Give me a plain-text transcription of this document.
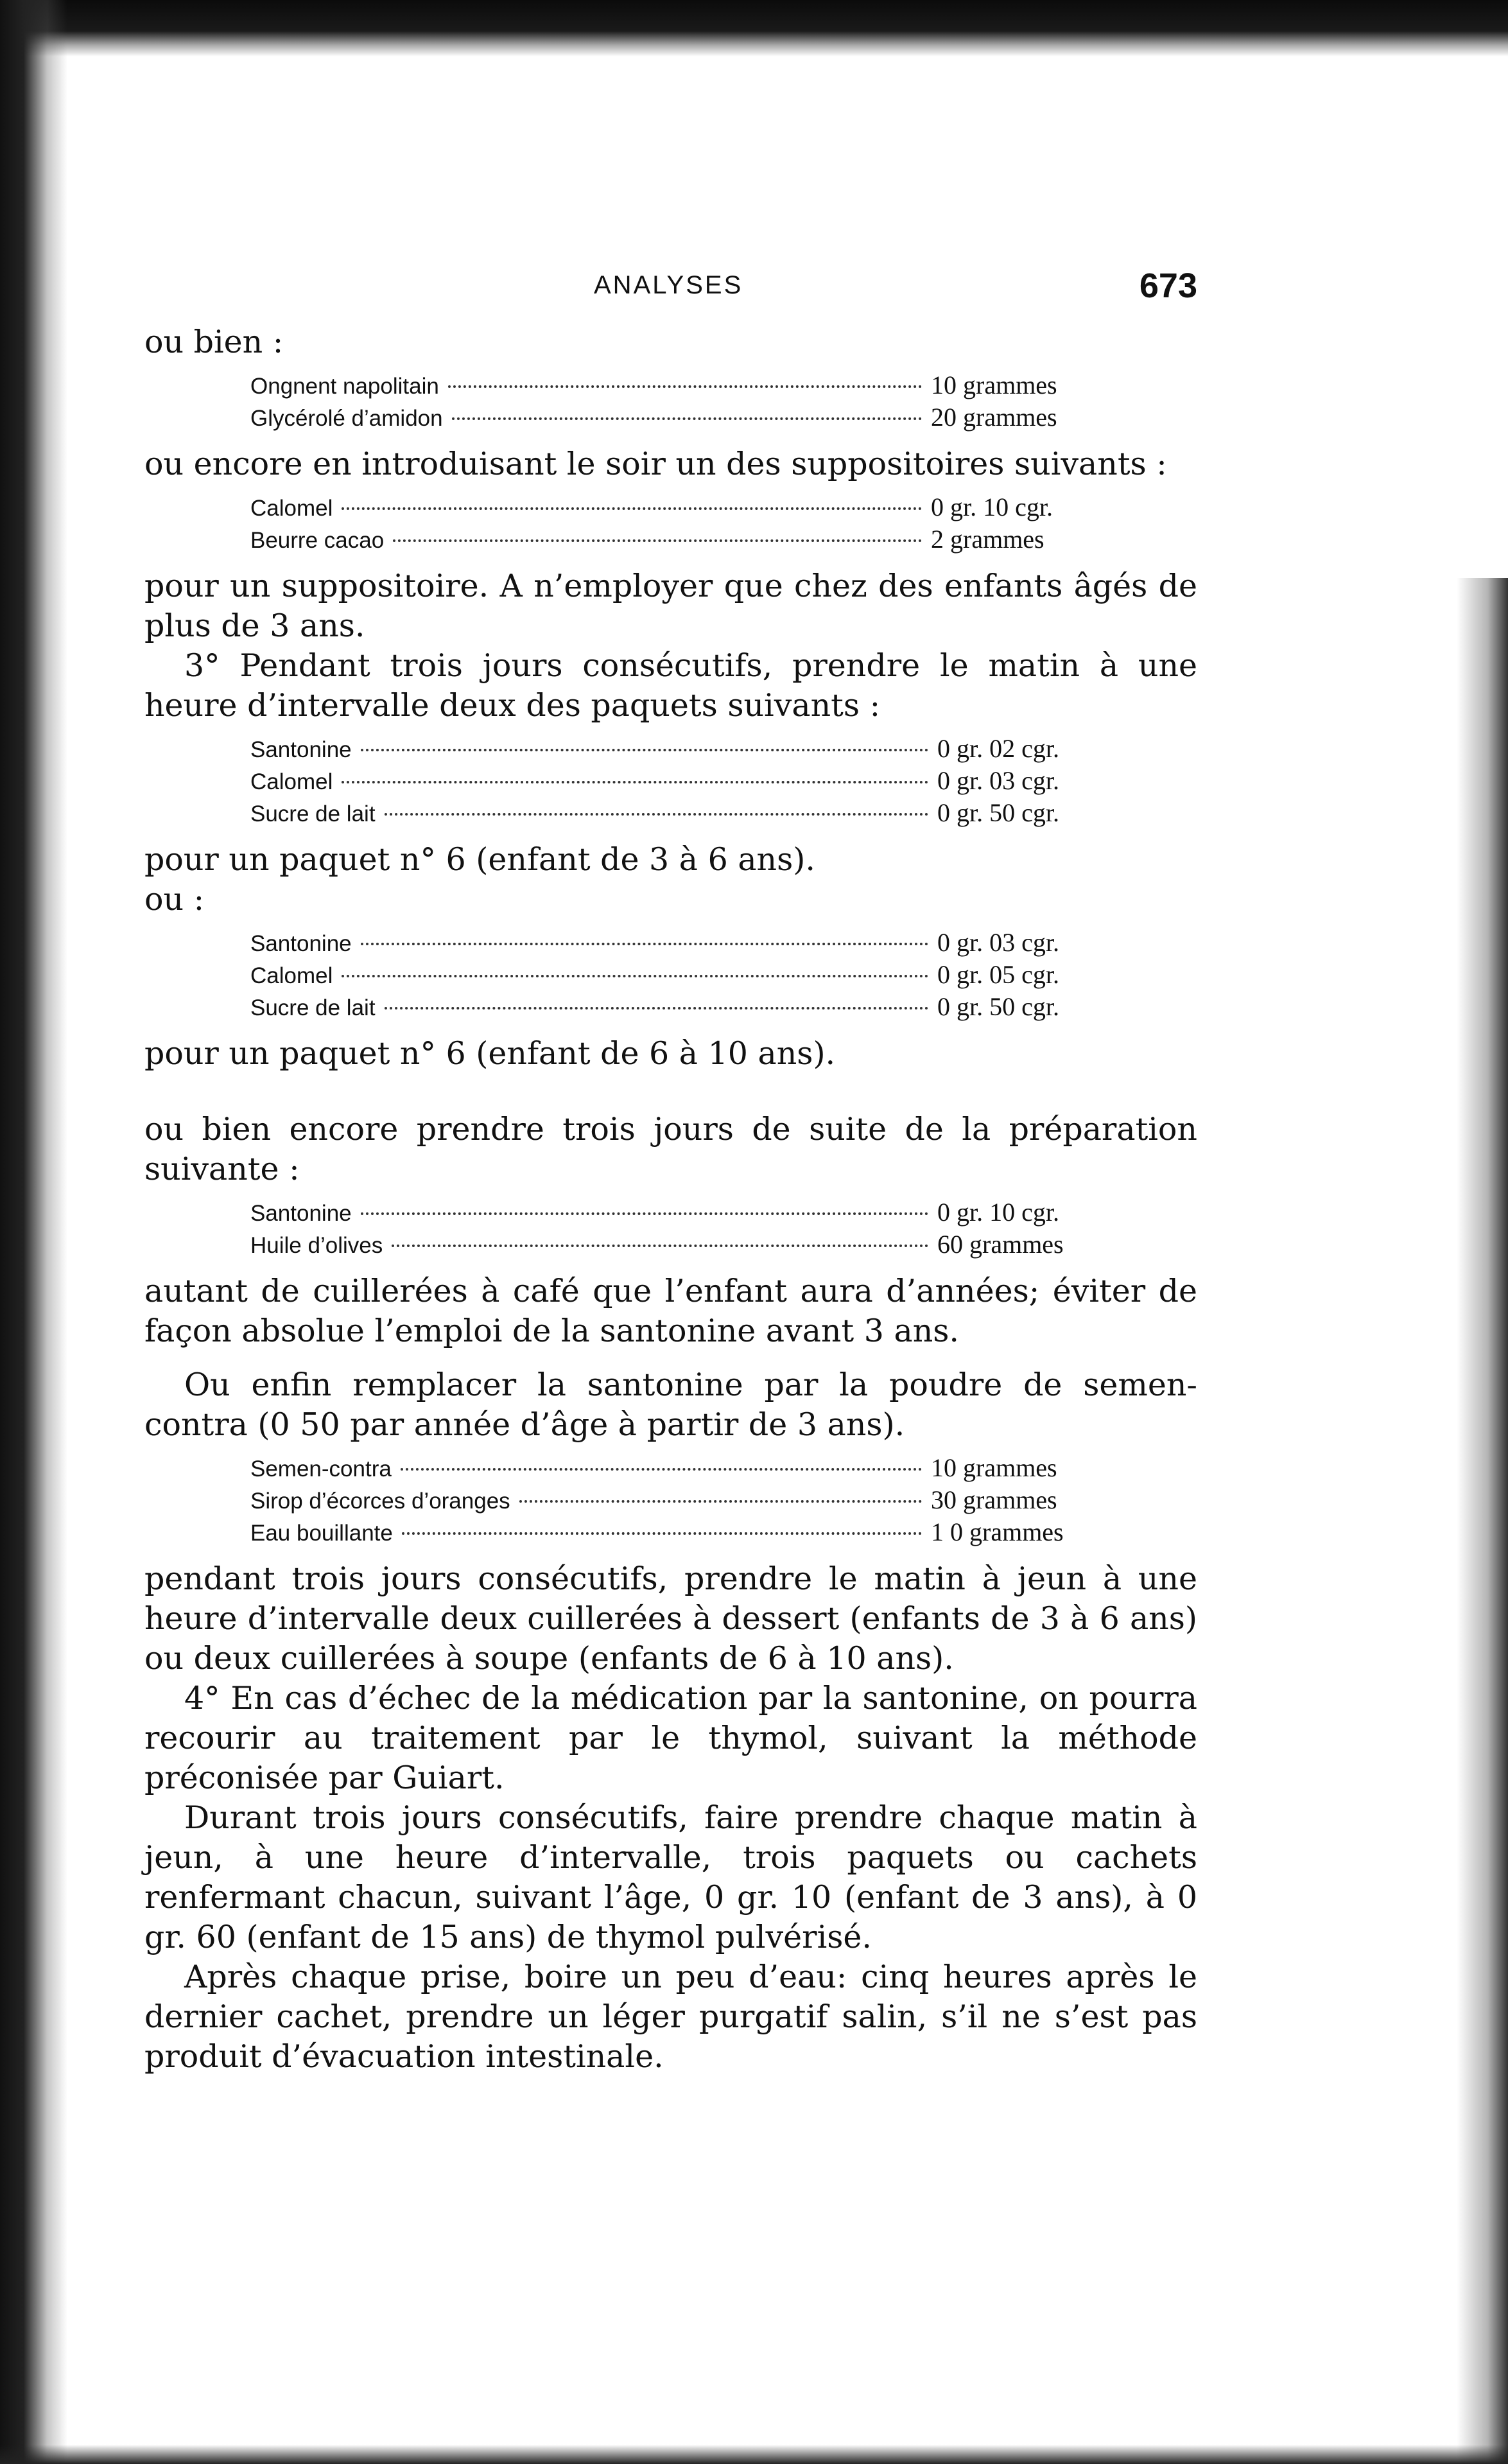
ANALYSES	673

ou bien :

Ongnent napolitain	10 grammes
Glycérolé d’amidon	20 grammes

ou encore en introduisant le soir un des suppositoires suivants :

Calomel	0 gr. 10 cgr.
Beurre cacao	2 grammes

pour un suppositoire. A n’employer que chez des enfants âgés de plus de 3 ans.

3° Pendant trois jours consécutifs, prendre le matin à une heure d’intervalle deux des paquets suivants :

Santonine	0 gr. 02 cgr.
Calomel	0 gr. 03 cgr.
Sucre de lait	0 gr. 50 cgr.

pour un paquet n° 6 (enfant de 3 à 6 ans).

ou :

Santonine	0 gr. 03 cgr.
Calomel	0 gr. 05 cgr.
Sucre de lait	0 gr. 50 cgr.

pour un paquet n° 6 (enfant de 6 à 10 ans).

ou bien encore prendre trois jours de suite de la préparation suivante :

Santonine	0 gr. 10 cgr.
Huile d’olives	60 grammes

autant de cuillerées à café que l’enfant aura d’années; éviter de façon absolue l’emploi de la santonine avant 3 ans.

Ou enfin remplacer la santonine par la poudre de semen-contra (0 50 par année d’âge à partir de 3 ans).

Semen-contra	10 grammes
Sirop d’écorces d’oranges	30 grammes
Eau bouillante	1 0 grammes

pendant trois jours consécutifs, prendre le matin à jeun à une heure d’intervalle deux cuillerées à dessert (enfants de 3 à 6 ans) ou deux cuillerées à soupe (enfants de 6 à 10 ans).

4° En cas d’échec de la médication par la santonine, on pourra recourir au traitement par le thymol, suivant la méthode préconisée par Guiart.

Durant trois jours consécutifs, faire prendre chaque matin à jeun, à une heure d’intervalle, trois paquets ou cachets renfermant chacun, suivant l’âge, 0 gr. 10 (enfant de 3 ans), à 0 gr. 60 (enfant de 15 ans) de thymol pulvérisé.

Après chaque prise, boire un peu d’eau: cinq heures après le dernier cachet, prendre un léger purgatif salin, s’il ne s’est pas produit d’évacuation intestinale.
